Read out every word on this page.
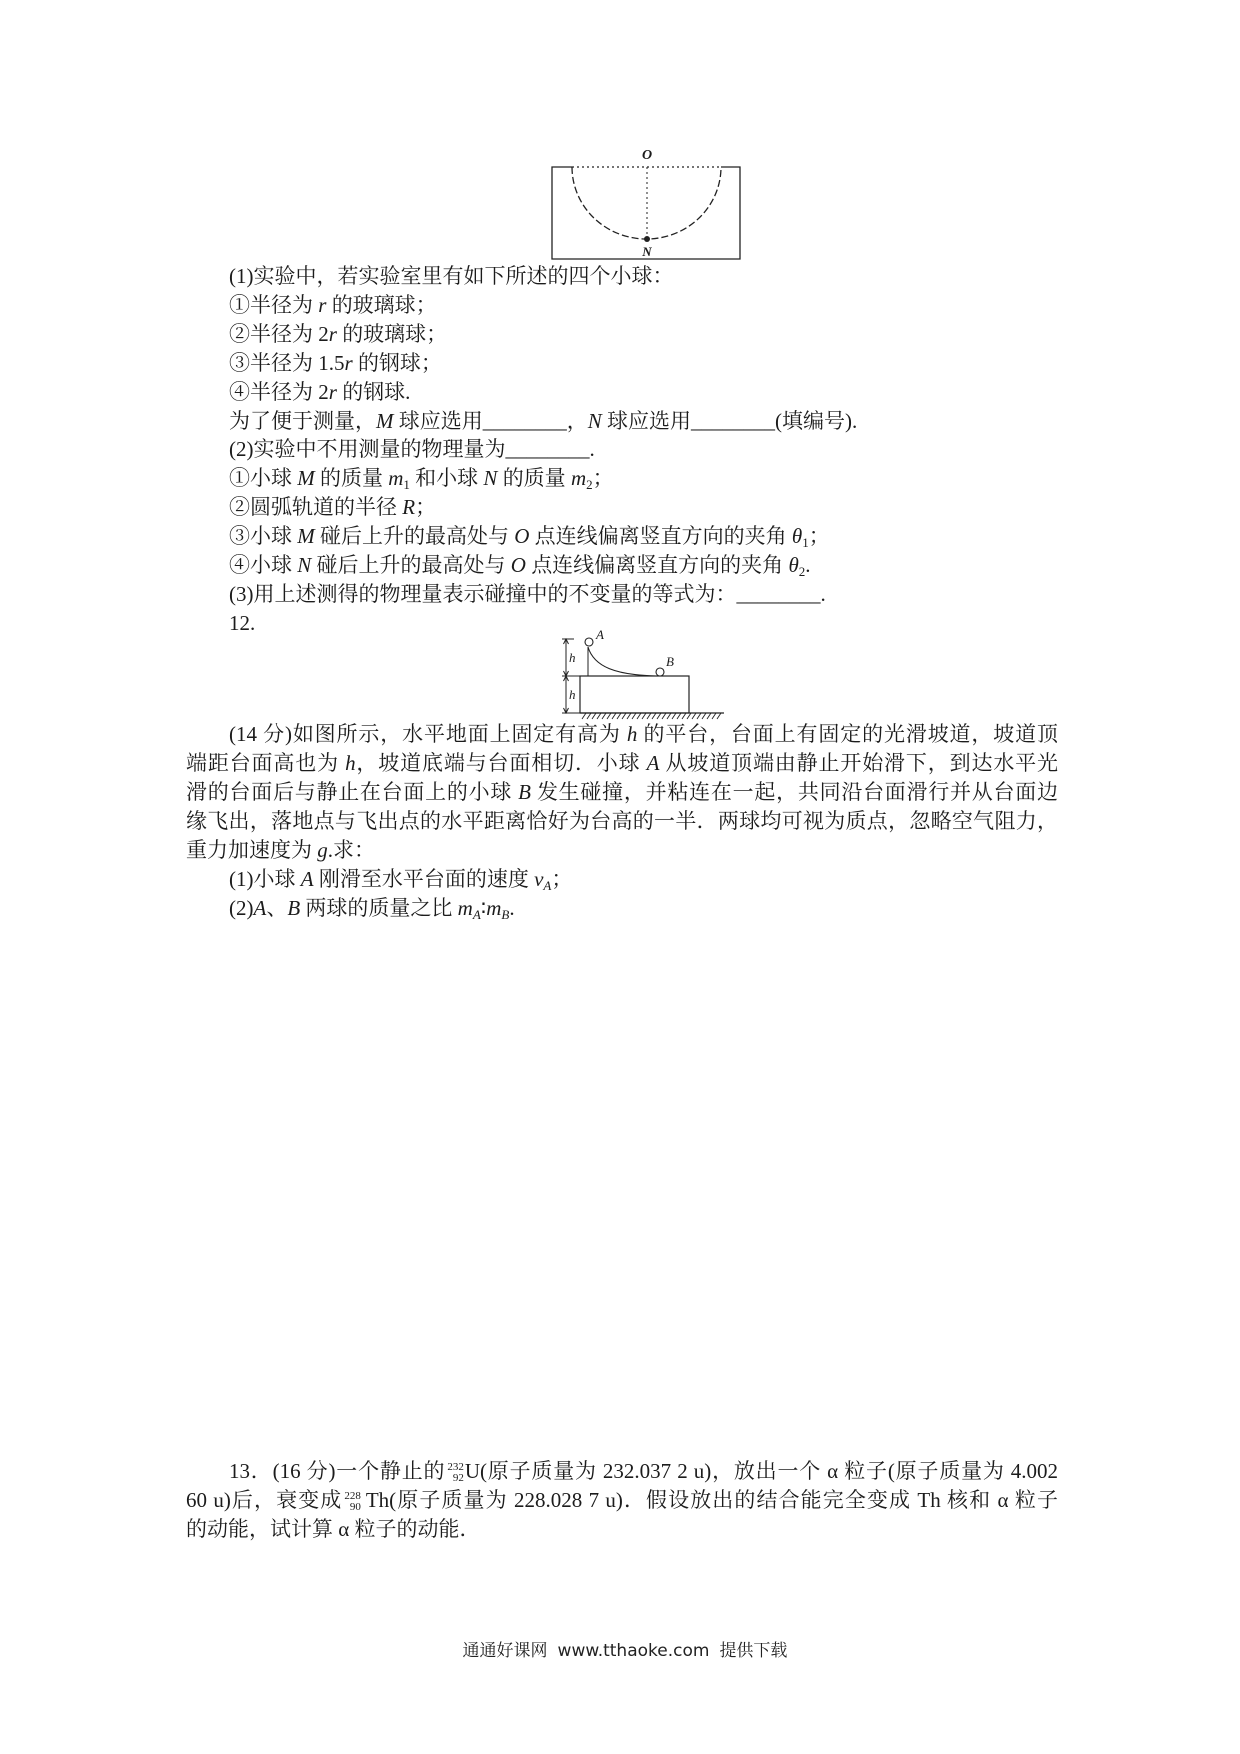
O
N
(1)实验中，若实验室里有如下所述的四个小球：
①半径为 r 的玻璃球；
②半径为 2r 的玻璃球；
③半径为 1.5r 的钢球；
④半径为 2r 的钢球.
为了便于测量，M 球应选用________，N 球应选用________(填编号).
(2)实验中不用测量的物理量为________.
①小球 M 的质量 $m_1$ 和小球 N 的质量 $m_2$；
②圆弧轨道的半径 R；
③小球 M 碰后上升的最高处与 O 点连线偏离竖直方向的夹角 $\theta_1$；
④小球 N 碰后上升的最高处与 O 点连线偏离竖直方向的夹角 $\theta_2$.
(3)用上述测得的物理量表示碰撞中的不变量的等式为：________.
12.
h
h
A
B
(14 分)如图所示，水平地面上固定有高为 h 的平台，台面上有固定的光滑坡道，坡道顶
端距台面高也为 h，坡道底端与台面相切．小球 A 从坡道顶端由静止开始滑下，到达水平光
滑的台面后与静止在台面上的小球 B 发生碰撞，并粘连在一起，共同沿台面滑行并从台面边
缘飞出，落地点与飞出点的水平距离恰好为台高的一半．两球均可视为质点，忽略空气阻力，
重力加速度为 g.求：
(1)小球 A 刚滑至水平台面的速度 $v_A$；
(2)A、B 两球的质量之比 $m_A∶m_B$.
13．(16 分)一个静止的 232
92 U(原子质量为 232.037 2 u)，放出一个 α 粒子(原子质量为 4.002
60 u)后，衰变成 228
90 Th(原子质量为 228.028 7 u)．假设放出的结合能完全变成 Th 核和 α 粒子
的动能，试计算 α 粒子的动能．
通通好课网 www.tthaoke.com 提供下载
